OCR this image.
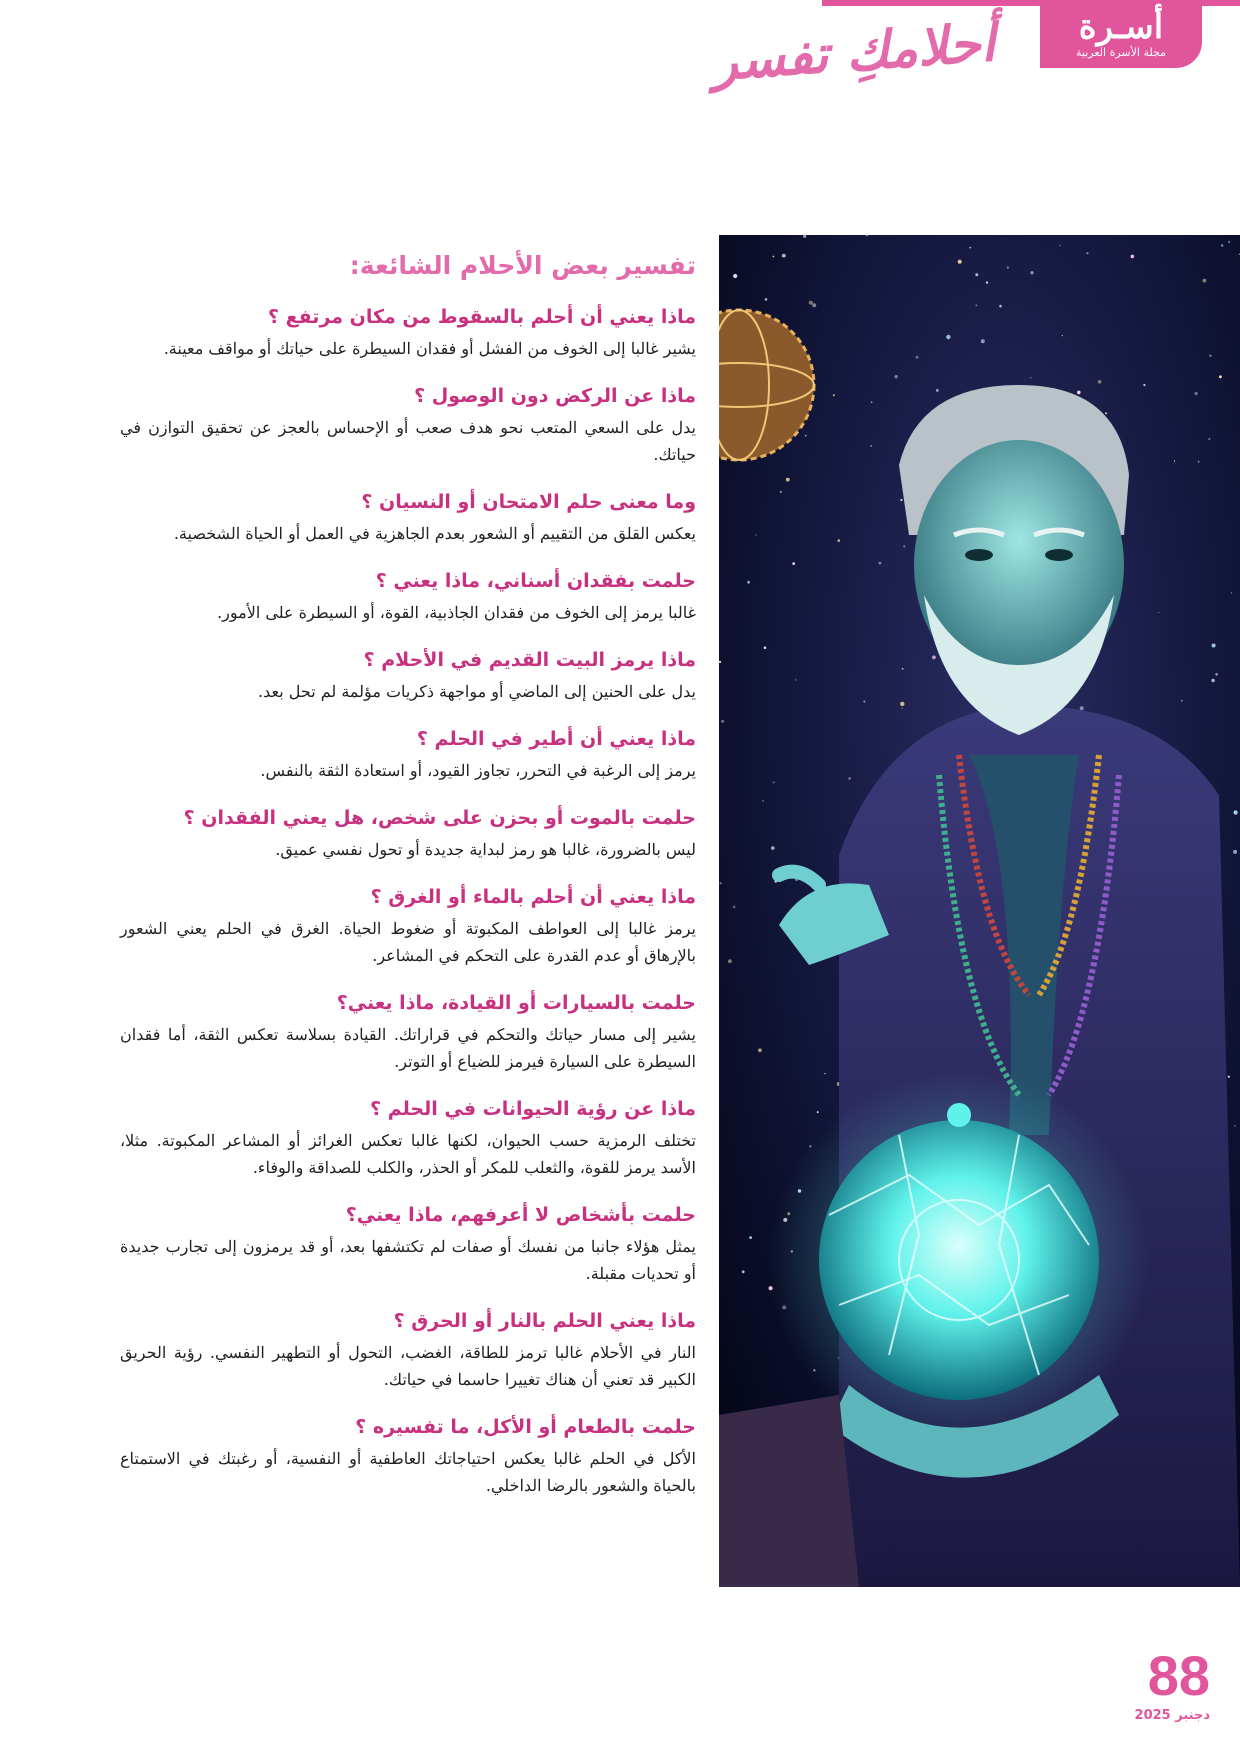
أسـرة
مجلة الأسرة العربية
أحلامكِ تفسر
تفسير بعض الأحلام الشائعة:

ماذا يعني أن أحلم بالسقوط من مكان مرتفع ؟

يشير غالبا إلى الخوف من الفشل أو فقدان السيطرة على حياتك أو مواقف معينة.

ماذا عن الركض دون الوصول ؟

يدل على السعي المتعب نحو هدف صعب أو الإحساس بالعجز عن تحقيق التوازن في حياتك.

وما معنى حلم الامتحان أو النسيان ؟

يعكس القلق من التقييم أو الشعور بعدم الجاهزية في العمل أو الحياة الشخصية.

حلمت بفقدان أسناني، ماذا يعني ؟

غالبا يرمز إلى الخوف من فقدان الجاذبية، القوة، أو السيطرة على الأمور.

ماذا يرمز البيت القديم في الأحلام ؟

يدل على الحنين إلى الماضي أو مواجهة ذكريات مؤلمة لم تحل بعد.

ماذا يعني أن أطير في الحلم ؟

يرمز إلى الرغبة في التحرر، تجاوز القيود، أو استعادة الثقة بالنفس.

حلمت بالموت أو بحزن على شخص، هل يعني الفقدان ؟

ليس بالضرورة، غالبا هو رمز لبداية جديدة أو تحول نفسي عميق.

ماذا يعني أن أحلم بالماء أو الغرق ؟

يرمز غالبا إلى العواطف المكبوتة أو ضغوط الحياة. الغرق في الحلم يعني الشعور بالإرهاق أو عدم القدرة على التحكم في المشاعر.

حلمت بالسيارات أو القيادة، ماذا يعني؟

يشير إلى مسار حياتك والتحكم في قراراتك. القيادة بسلاسة تعكس الثقة، أما فقدان السيطرة على السيارة فيرمز للضياع أو التوتر.

ماذا عن رؤية الحيوانات في الحلم ؟

تختلف الرمزية حسب الحيوان، لكنها غالبا تعكس الغرائز أو المشاعر المكبوتة. مثلا، الأسد يرمز للقوة، والثعلب للمكر أو الحذر، والكلب للصداقة والوفاء.

حلمت بأشخاص لا أعرفهم، ماذا يعني؟

يمثل هؤلاء جانبا من نفسك أو صفات لم تكتشفها بعد، أو قد يرمزون إلى تجارب جديدة أو تحديات مقبلة.

ماذا يعني الحلم بالنار أو الحرق ؟

النار في الأحلام غالبا ترمز للطاقة، الغضب، التحول أو التطهير النفسي. رؤية الحريق الكبير قد تعني أن هناك تغييرا حاسما في حياتك.

حلمت بالطعام أو الأكل، ما تفسيره ؟

الأكل في الحلم غالبا يعكس احتياجاتك العاطفية أو النفسية، أو رغبتك في الاستمتاع بالحياة والشعور بالرضا الداخلي.

88
دجنبر 2025
